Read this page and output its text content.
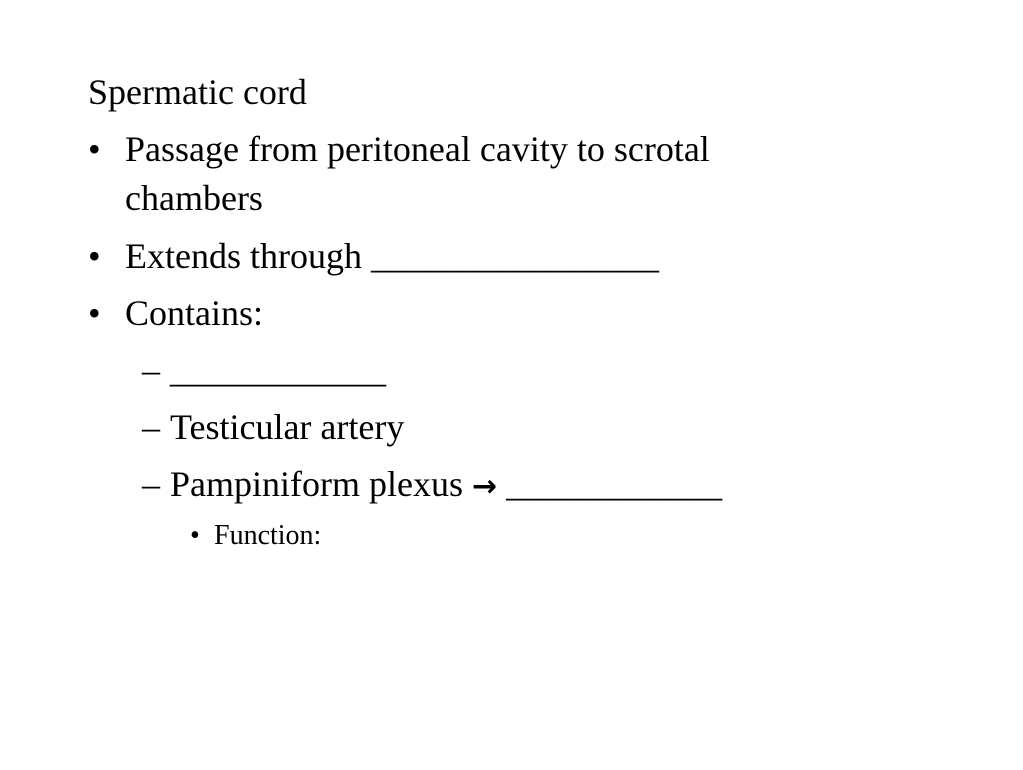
Spermatic cord
• Passage from peritoneal cavity to scrotal
chambers
• Extends through ________________
• Contains:
– ____________
– Testicular artery
– Pampiniform plexus → ____________
• Function:
